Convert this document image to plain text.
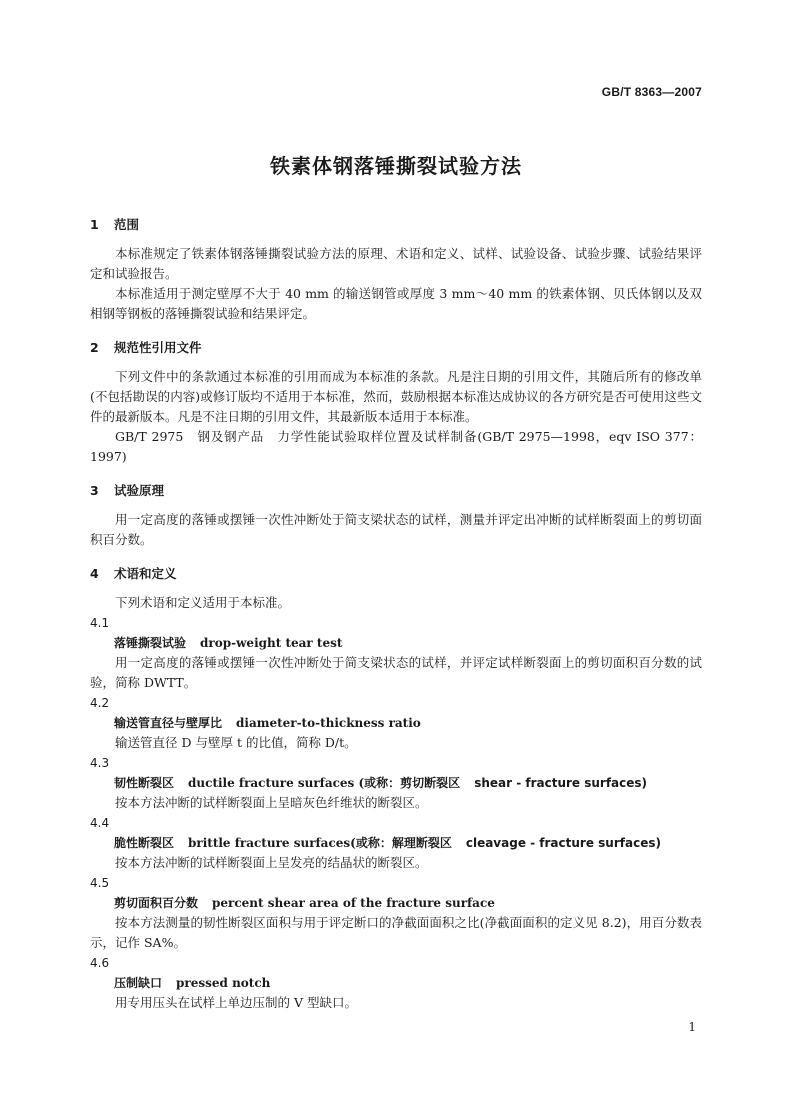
GB/T 8363—2007
铁素体钢落锤撕裂试验方法
1 范围

本标准规定了铁素体钢落锤撕裂试验方法的原理、术语和定义、试样、试验设备、试验步骤、试验结果评定和试验报告。

本标准适用于测定壁厚不大于 40 mm 的输送钢管或厚度 3 mm～40 mm 的铁素体钢、贝氏体钢以及双相钢等钢板的落锤撕裂试验和结果评定。

2 规范性引用文件

下列文件中的条款通过本标准的引用而成为本标准的条款。凡是注日期的引用文件，其随后所有的修改单(不包括勘误的内容)或修订版均不适用于本标准，然而，鼓励根据本标准达成协议的各方研究是否可使用这些文件的最新版本。凡是不注日期的引用文件，其最新版本适用于本标准。

GB/T 2975　钢及钢产品　力学性能试验取样位置及试样制备(GB/T 2975—1998，eqv ISO 377：1997)

3 试验原理

用一定高度的落锤或摆锤一次性冲断处于简支梁状态的试样，测量并评定出冲断的试样断裂面上的剪切面积百分数。

4 术语和定义

下列术语和定义适用于本标准。

4.1
落锤撕裂试验 drop-weight tear test

用一定高度的落锤或摆锤一次性冲断处于简支梁状态的试样，并评定试样断裂面上的剪切面积百分数的试验，简称 DWTT。

4.2
输送管直径与壁厚比 diameter-to-thickness ratio

输送管直径 D 与壁厚 t 的比值，简称 D/t。

4.3
韧性断裂区 ductile fracture surfaces (或称：剪切断裂区 shear - fracture surfaces)

按本方法冲断的试样断裂面上呈暗灰色纤维状的断裂区。

4.4
脆性断裂区 brittle fracture surfaces(或称：解理断裂区 cleavage - fracture surfaces)

按本方法冲断的试样断裂面上呈发亮的结晶状的断裂区。

4.5
剪切面积百分数 percent shear area of the fracture surface

按本方法测量的韧性断裂区面积与用于评定断口的净截面面积之比(净截面面积的定义见 8.2)，用百分数表示，记作 SA%。

4.6
压制缺口 pressed notch

用专用压头在试样上单边压制的 V 型缺口。

1
